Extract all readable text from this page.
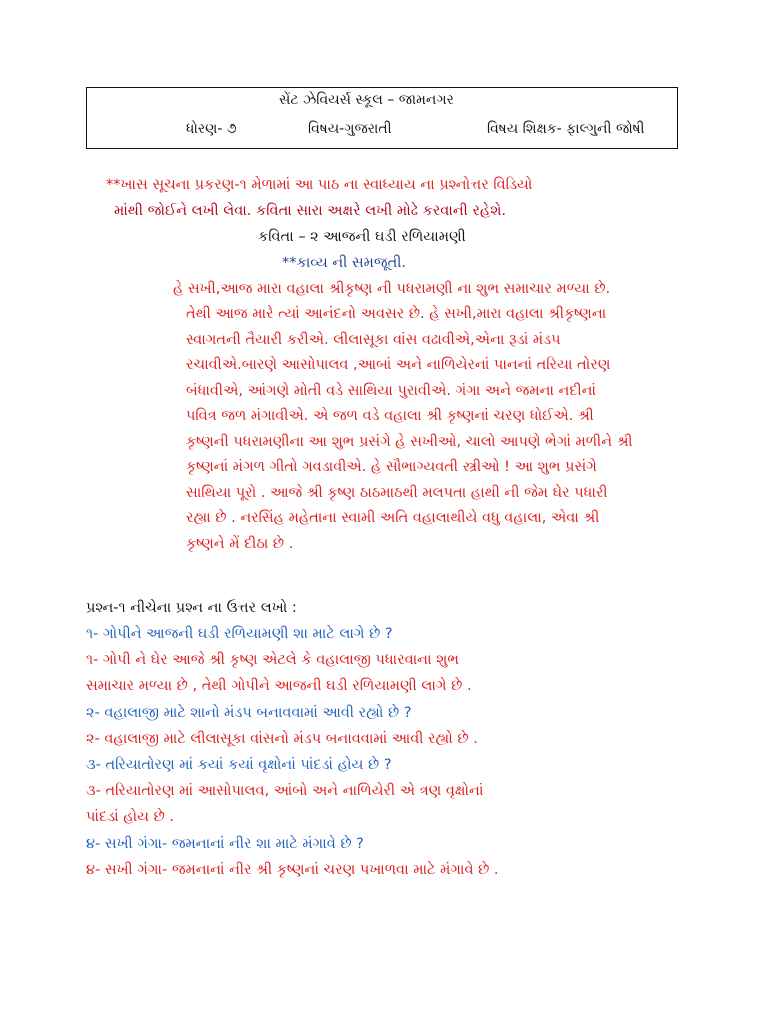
સેંટ ઝેવિયર્સ સ્કૂલ – જામનગર
ધોરણ- ૭	વિષય-ગુજરાતી	વિષય શિક્ષક- ફાલ્ગુની જોષી
**ખાસ સૂચના પ્રકરણ-૧ મેળામાં આ પાઠ ના સ્વાધ્યાય ના પ્રશ્નોત્તર વિડિયો
માંથી જોઈને લખી લેવા. કવિતા સારા અક્ષરે લખી મોઢે કરવાની રહેશે.
કવિતા – ૨ આજની ઘડી રળિયામણી
**કાવ્ય ની સમજૂતી.
હે સખી,આજ મારા વહાલા શ્રીકૃષ્ણ ની પધરામણી ના શુભ સમાચાર મળ્યા છે.
તેથી આજ મારે ત્યાં આનંદનો અવસર છે. હે સખી,મારા વહાલા શ્રીકૃષ્ણના
સ્વાગતની તૈયારી કરીએ. લીલાસૂકા વાંસ વઢાવીએ,એના રૂડાં મંડપ
રચાવીએ.બારણે આસોપાલવ ,આબાં અને નાળિયેરનાં પાનનાં તરિયા તોરણ
બંધાવીએ, આંગણે મોતી વડે સાથિયા પુરાવીએ. ગંગા અને જમના નદીનાં
પવિત્ર જળ મંગાવીએ. એ જળ વડે વહાલા શ્રી કૃષ્ણનાં ચરણ ધોઈએ. શ્રી
કૃષ્ણની પધરામણીના આ શુભ પ્રસંગે હે સખીઓ, ચાલો આપણે ભેગાં મળીને શ્રી
કૃષ્ણનાં મંગળ ગીતો ગવડાવીએ. હે સૌભાગ્યવતી સ્ત્રીઓ ! આ શુભ પ્રસંગે
સાથિયા પૂરો . આજે શ્રી કૃષ્ણ ઠાઠમાઠથી મલપતા હાથી ની જેમ ઘેર પધારી
રહ્યા છે . નરસિંહ મહેતાના સ્વામી અતિ વહાલાથીયે વધુ વહાલા, એવા શ્રી
કૃષ્ણને મેં દીઠા છે .
પ્રશ્ન-૧ નીચેના પ્રશ્ન ના ઉત્તર લખો :
૧- ગોપીને આજની ઘડી રળિયામણી શા માટે લાગે છે ?
૧- ગોપી ને ઘેર આજે શ્રી કૃષ્ણ એટલે કે વહાલાજી પધારવાના શુભ
સમાચાર મળ્યા છે , તેથી ગોપીને આજની ઘડી રળિયામણી લાગે છે .
૨- વહાલાજી માટે શાનો મંડપ બનાવવામાં આવી રહ્યો છે ?
૨- વહાલાજી માટે લીલાસૂકા વાંસનો મંડપ બનાવવામાં આવી રહ્યો છે .
૩- તરિયાતોરણ માં કયાં કયાં વૃક્ષોનાં પાંદડાં હોય છે ?
૩- તરિયાતોરણ માં આસોપાલવ, આંબો અને નાળિયેરી એ ત્રણ વૃક્ષોનાં
પાંદડાં હોય છે .
૪- સખી ગંગા- જમનાનાં નીર શા માટે મંગાવે છે ?
૪- સખી ગંગા- જમનાનાં નીર શ્રી કૃષ્ણનાં ચરણ પખાળવા માટે મંગાવે છે .
